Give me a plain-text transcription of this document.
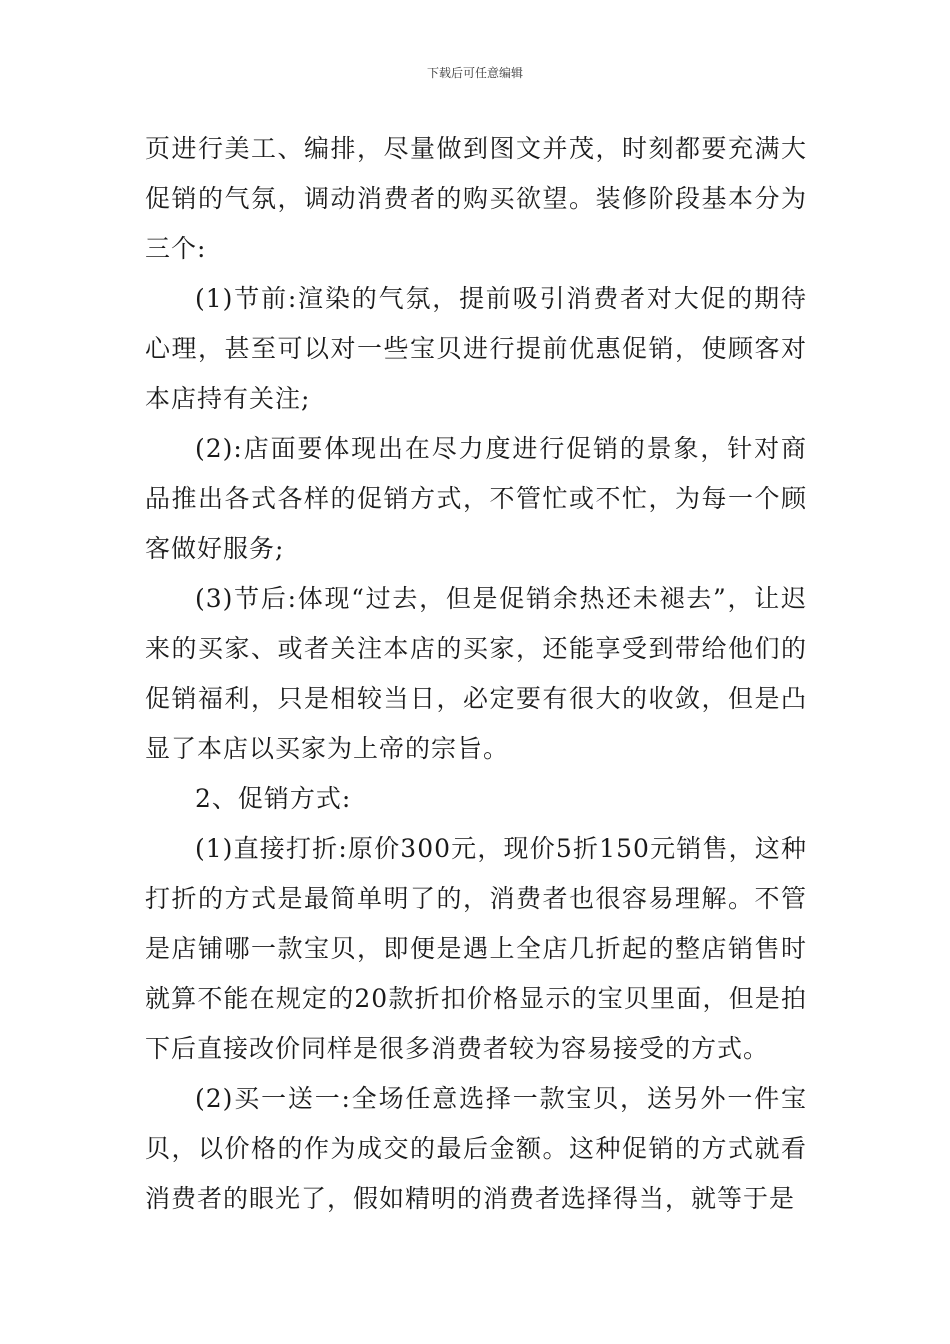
下载后可任意编辑

页进行美工、编排，尽量做到图文并茂，时刻都要充满大促销的气氛，调动消费者的购买欲望。装修阶段基本分为三个:

(1)节前:渲染的气氛，提前吸引消费者对大促的期待心理，甚至可以对一些宝贝进行提前优惠促销，使顾客对本店持有关注;

(2):店面要体现出在尽力度进行促销的景象，针对商品推出各式各样的促销方式，不管忙或不忙，为每一个顾客做好服务;

(3)节后:体现“过去，但是促销余热还未褪去”，让迟来的买家、或者关注本店的买家，还能享受到带给他们的促销福利，只是相较当日，必定要有很大的收敛，但是凸显了本店以买家为上帝的宗旨。

2、促销方式:

(1)直接打折:原价300元，现价5折150元销售，这种打折的方式是最简单明了的，消费者也很容易理解。不管是店铺哪一款宝贝，即便是遇上全店几折起的整店销售时就算不能在规定的20款折扣价格显示的宝贝里面，但是拍下后直接改价同样是很多消费者较为容易接受的方式。

(2)买一送一:全场任意选择一款宝贝，送另外一件宝贝，以价格的作为成交的最后金额。这种促销的方式就看消费者的眼光了，假如精明的消费者选择得当，就等于是
